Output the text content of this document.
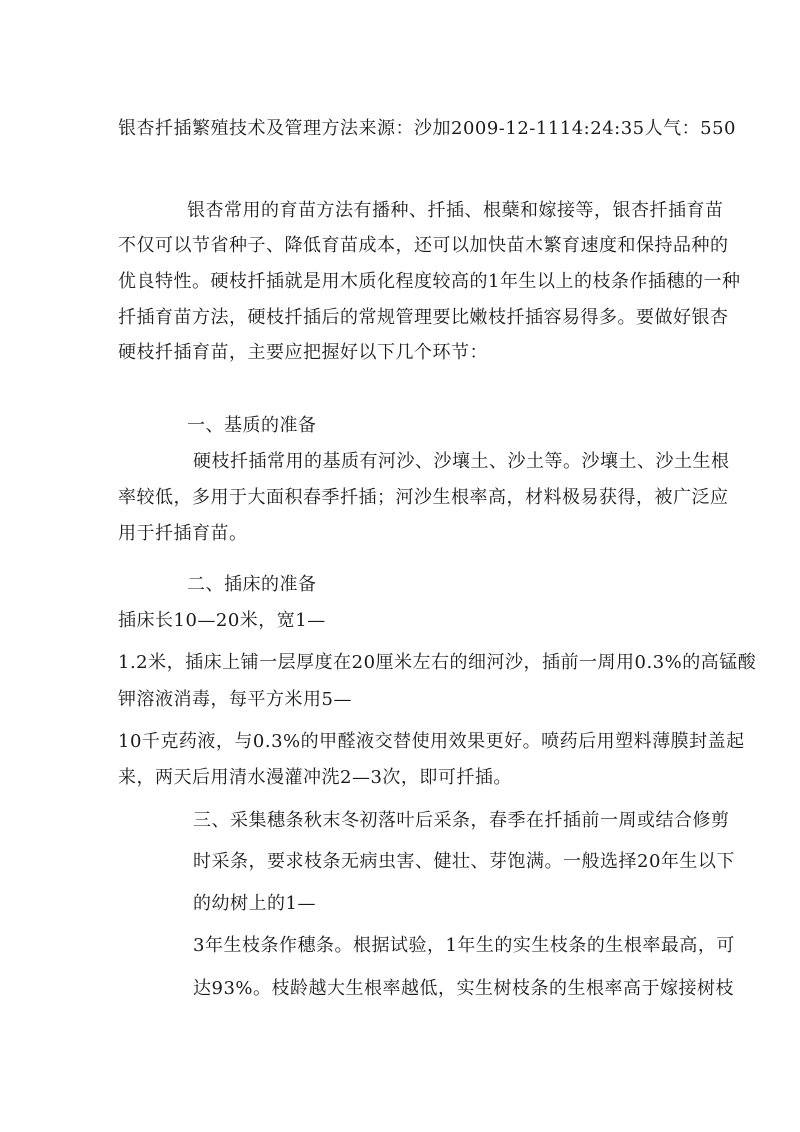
银杏扦插繁殖技术及管理方法来源：沙加2009-12-1114:24:35人气：550
银杏常用的育苗方法有播种、扦插、根蘖和嫁接等，银杏扦插育苗
不仅可以节省种子、降低育苗成本，还可以加快苗木繁育速度和保持品种的
优良特性。硬枝扦插就是用木质化程度较高的1年生以上的枝条作插穗的一种
扦插育苗方法，硬枝扦插后的常规管理要比嫩枝扦插容易得多。要做好银杏
硬枝扦插育苗，主要应把握好以下几个环节：
一、基质的准备
硬枝扦插常用的基质有河沙、沙壤土、沙土等。沙壤土、沙土生根
率较低，多用于大面积春季扦插；河沙生根率高，材料极易获得，被广泛应
用于扦插育苗。
二、插床的准备
插床长10—20米，宽1—
1.2米，插床上铺一层厚度在20厘米左右的细河沙，插前一周用0.3%的高锰酸
钾溶液消毒，每平方米用5—
10千克药液，与0.3%的甲醛液交替使用效果更好。喷药后用塑料薄膜封盖起
来，两天后用清水漫灌冲洗2—3次，即可扦插。
三、采集穗条秋末冬初落叶后采条，春季在扦插前一周或结合修剪
时采条，要求枝条无病虫害、健壮、芽饱满。一般选择20年生以下
的幼树上的1—
3年生枝条作穗条。根据试验，1年生的实生枝条的生根率最高，可
达93%。枝龄越大生根率越低，实生树枝条的生根率高于嫁接树枝
